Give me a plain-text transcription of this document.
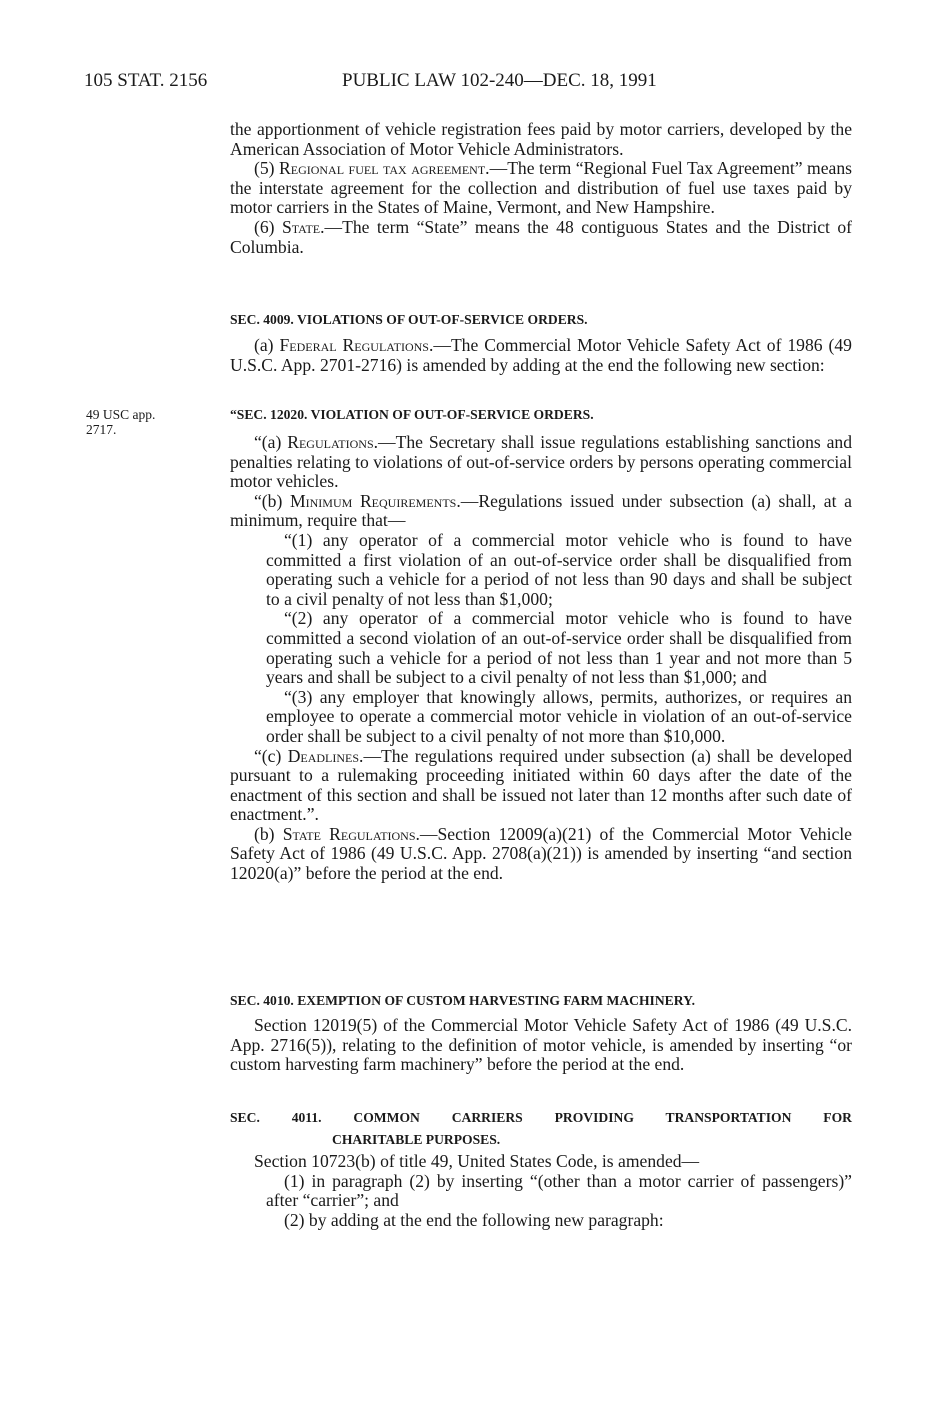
105 STAT. 2156	PUBLIC LAW 102-240—DEC. 18, 1991
49 USC app.
2717.

the apportionment of vehicle registration fees paid by motor carriers, developed by the American Association of Motor Vehicle Administrators.

(5) Regional fuel tax agreement.—The term “Regional Fuel Tax Agreement” means the interstate agreement for the collection and distribution of fuel use taxes paid by motor carriers in the States of Maine, Vermont, and New Hampshire.

(6) State.—The term “State” means the 48 contiguous States and the District of Columbia.

SEC. 4009. VIOLATIONS OF OUT-OF-SERVICE ORDERS.

(a) Federal Regulations.—The Commercial Motor Vehicle Safety Act of 1986 (49 U.S.C. App. 2701-2716) is amended by adding at the end the following new section:

“SEC. 12020. VIOLATION OF OUT-OF-SERVICE ORDERS.

“(a) Regulations.—The Secretary shall issue regulations establishing sanctions and penalties relating to violations of out-of-service orders by persons operating commercial motor vehicles.

“(b) Minimum Requirements.—Regulations issued under subsection (a) shall, at a minimum, require that—

“(1) any operator of a commercial motor vehicle who is found to have committed a first violation of an out-of-service order shall be disqualified from operating such a vehicle for a period of not less than 90 days and shall be subject to a civil penalty of not less than $1,000;

“(2) any operator of a commercial motor vehicle who is found to have committed a second violation of an out-of-service order shall be disqualified from operating such a vehicle for a period of not less than 1 year and not more than 5 years and shall be subject to a civil penalty of not less than $1,000; and

“(3) any employer that knowingly allows, permits, authorizes, or requires an employee to operate a commercial motor vehicle in violation of an out-of-service order shall be subject to a civil penalty of not more than $10,000.

“(c) Deadlines.—The regulations required under subsection (a) shall be developed pursuant to a rulemaking proceeding initiated within 60 days after the date of the enactment of this section and shall be issued not later than 12 months after such date of enactment.”.

(b) State Regulations.—Section 12009(a)(21) of the Commercial Motor Vehicle Safety Act of 1986 (49 U.S.C. App. 2708(a)(21)) is amended by inserting “and section 12020(a)” before the period at the end.

SEC. 4010. EXEMPTION OF CUSTOM HARVESTING FARM MACHINERY.

Section 12019(5) of the Commercial Motor Vehicle Safety Act of 1986 (49 U.S.C. App. 2716(5)), relating to the definition of motor vehicle, is amended by inserting “or custom harvesting farm machinery” before the period at the end.

SEC. 4011. COMMON CARRIERS PROVIDING TRANSPORTATION FOR

CHARITABLE PURPOSES.

Section 10723(b) of title 49, United States Code, is amended—

(1) in paragraph (2) by inserting “(other than a motor carrier of passengers)” after “carrier”; and

(2) by adding at the end the following new paragraph:
